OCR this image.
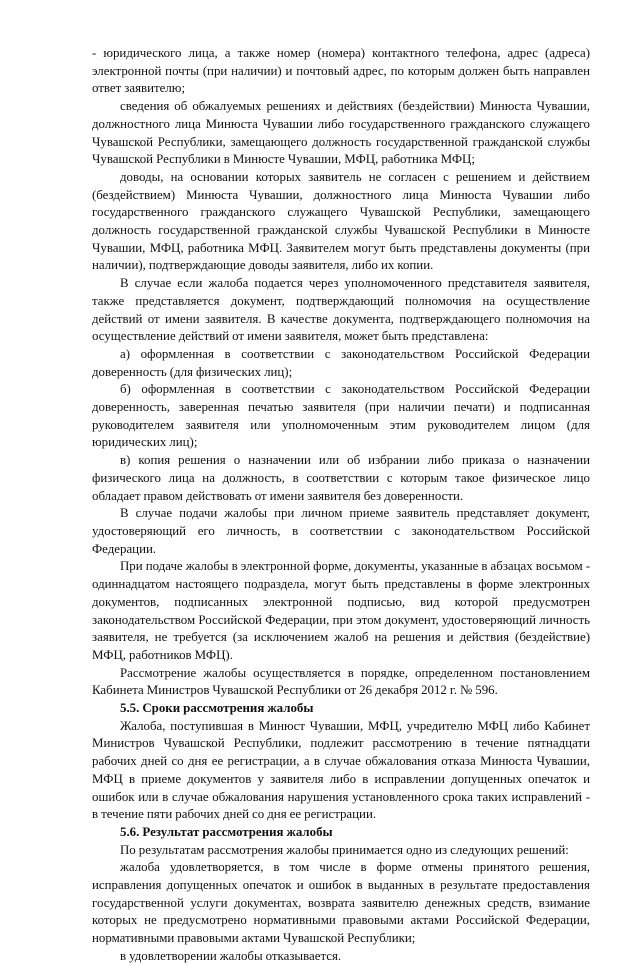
- юридического лица, а также номер (номера) контактного телефона, адрес (адреса) электронной почты (при наличии) и почтовый адрес, по которым должен быть направлен ответ заявителю;

сведения об обжалуемых решениях и действиях (бездействии) Минюста Чувашии, должностного лица Минюста Чувашии либо государственного гражданского служащего Чувашской Республики, замещающего должность государственной гражданской службы Чувашской Республики в Минюсте Чувашии, МФЦ, работника МФЦ;

доводы, на основании которых заявитель не согласен с решением и действием (бездействием) Минюста Чувашии, должностного лица Минюста Чувашии либо государственного гражданского служащего Чувашской Республики, замещающего должность государственной гражданской службы Чувашской Республики в Минюсте Чувашии, МФЦ, работника МФЦ. Заявителем могут быть представлены документы (при наличии), подтверждающие доводы заявителя, либо их копии.

В случае если жалоба подается через уполномоченного представителя заявителя, также представляется документ, подтверждающий полномочия на осуществление действий от имени заявителя. В качестве документа, подтверждающего полномочия на осуществление действий от имени заявителя, может быть представлена:

а) оформленная в соответствии с законодательством Российской Федерации доверенность (для физических лиц);

б) оформленная в соответствии с законодательством Российской Федерации доверенность, заверенная печатью заявителя (при наличии печати) и подписанная руководителем заявителя или уполномоченным этим руководителем лицом (для юридических лиц);

в) копия решения о назначении или об избрании либо приказа о назначении физического лица на должность, в соответствии с которым такое физическое лицо обладает правом действовать от имени заявителя без доверенности.

В случае подачи жалобы при личном приеме заявитель представляет документ, удостоверяющий его личность, в соответствии с законодательством Российской Федерации.

При подаче жалобы в электронной форме, документы, указанные в абзацах восьмом - одиннадцатом настоящего подраздела, могут быть представлены в форме электронных документов, подписанных электронной подписью, вид которой предусмотрен законодательством Российской Федерации, при этом документ, удостоверяющий личность заявителя, не требуется (за исключением жалоб на решения и действия (бездействие) МФЦ, работников МФЦ).

Рассмотрение жалобы осуществляется в порядке, определенном постановлением Кабинета Министров Чувашской Республики от 26 декабря 2012 г. № 596.

5.5. Сроки рассмотрения жалобы

Жалоба, поступившая в Минюст Чувашии, МФЦ, учредителю МФЦ либо Кабинет Министров Чувашской Республики, подлежит рассмотрению в течение пятнадцати рабочих дней со дня ее регистрации, а в случае обжалования отказа Минюста Чувашии, МФЦ в приеме документов у заявителя либо в исправлении допущенных опечаток и ошибок или в случае обжалования нарушения установленного срока таких исправлений - в течение пяти рабочих дней со дня ее регистрации.

5.6. Результат рассмотрения жалобы

По результатам рассмотрения жалобы принимается одно из следующих решений:

жалоба удовлетворяется, в том числе в форме отмены принятого решения, исправления допущенных опечаток и ошибок в выданных в результате предоставления государственной услуги документах, возврата заявителю денежных средств, взимание которых не предусмотрено нормативными правовыми актами Российской Федерации, нормативными правовыми актами Чувашской Республики;

в удовлетворении жалобы отказывается.
